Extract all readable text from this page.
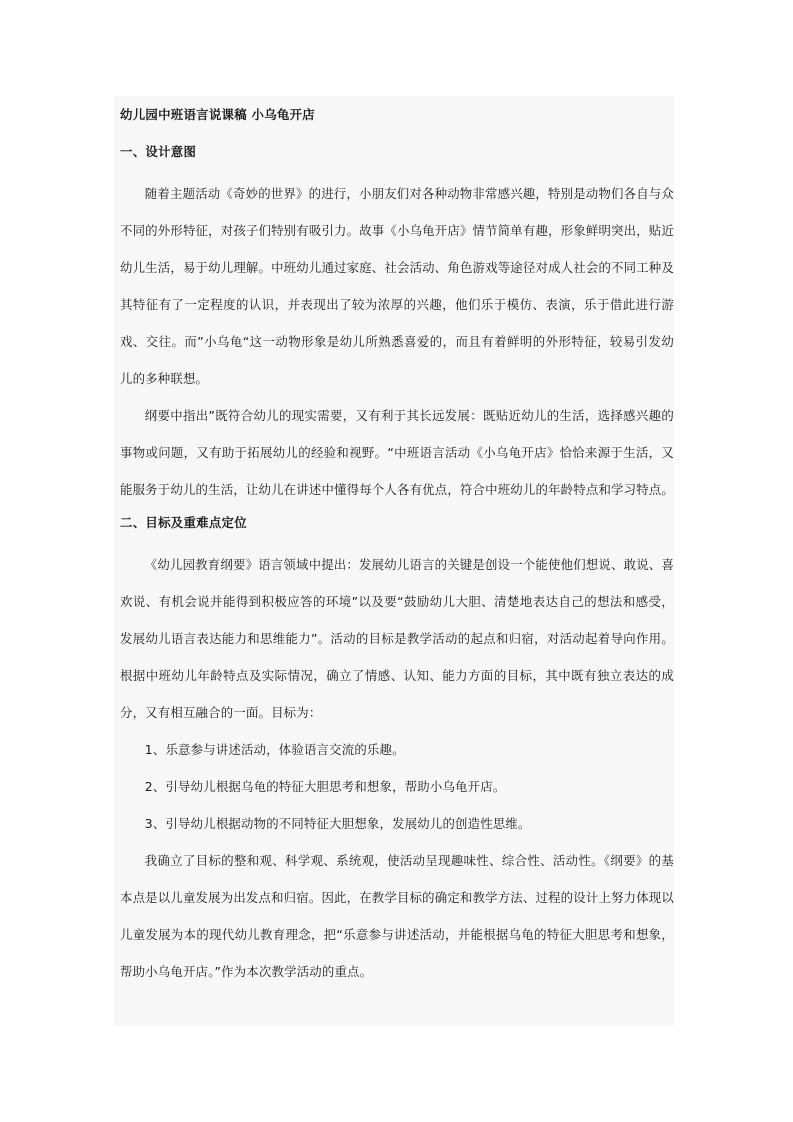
幼儿园中班语言说课稿 小乌龟开店
一、设计意图

随着主题活动《奇妙的世界》的进行，小朋友们对各种动物非常感兴趣，特别是动物们各自与众不同的外形特征，对孩子们特别有吸引力。故事《小乌龟开店》情节简单有趣，形象鲜明突出，贴近幼儿生活，易于幼儿理解。中班幼儿通过家庭、社会活动、角色游戏等途径对成人社会的不同工种及其特征有了一定程度的认识，并表现出了较为浓厚的兴趣，他们乐于模仿、表演，乐于借此进行游戏、交往。而”小乌龟“这一动物形象是幼儿所熟悉喜爱的，而且有着鲜明的外形特征，较易引发幼儿的多种联想。

纲要中指出”既符合幼儿的现实需要，又有利于其长远发展：既贴近幼儿的生活，选择感兴趣的事物或问题，又有助于拓展幼儿的经验和视野。“中班语言活动《小乌龟开店》恰恰来源于生活，又能服务于幼儿的生活，让幼儿在讲述中懂得每个人各有优点，符合中班幼儿的年龄特点和学习特点。

二、目标及重难点定位

《幼儿园教育纲要》语言领域中提出：发展幼儿语言的关键是创设一个能使他们想说、敢说、喜欢说、有机会说并能得到积极应答的环境”以及要“鼓励幼儿大胆、清楚地表达自己的想法和感受，发展幼儿语言表达能力和思维能力”。活动的目标是教学活动的起点和归宿，对活动起着导向作用。根据中班幼儿年龄特点及实际情况，确立了情感、认知、能力方面的目标，其中既有独立表达的成分，又有相互融合的一面。目标为：

1、乐意参与讲述活动，体验语言交流的乐趣。

2、引导幼儿根据乌龟的特征大胆思考和想象，帮助小乌龟开店。

3、引导幼儿根据动物的不同特征大胆想象，发展幼儿的创造性思维。

我确立了目标的整和观、科学观、系统观，使活动呈现趣味性、综合性、活动性。《纲要》的基本点是以儿童发展为出发点和归宿。因此，在教学目标的确定和教学方法、过程的设计上努力体现以儿童发展为本的现代幼儿教育理念，把“乐意参与讲述活动，并能根据乌龟的特征大胆思考和想象，帮助小乌龟开店。”作为本次教学活动的重点。
